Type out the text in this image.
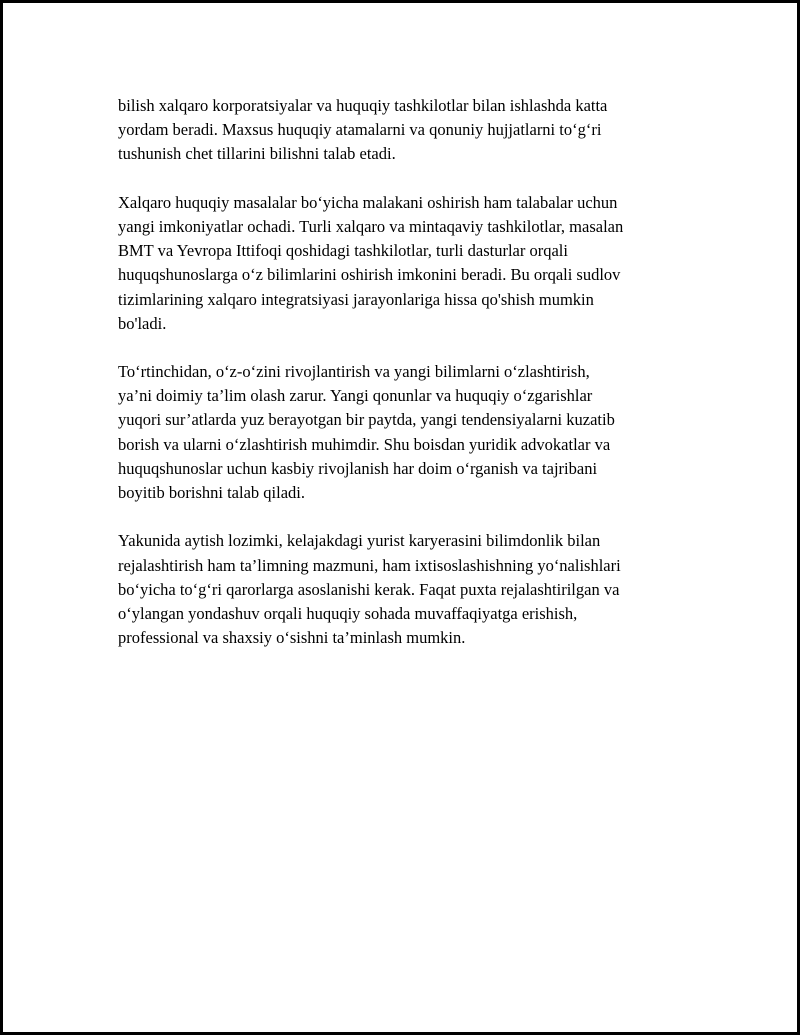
bilish xalqaro korporatsiyalar va huquqiy tashkilotlar bilan ishlashda katta
yordam beradi. Maxsus huquqiy atamalarni va qonuniy hujjatlarni to‘g‘ri
tushunish chet tillarini bilishni talab etadi.
Xalqaro huquqiy masalalar bo‘yicha malakani oshirish ham talabalar uchun
yangi imkoniyatlar ochadi. Turli xalqaro va mintaqaviy tashkilotlar, masalan
BMT va Yevropa Ittifoqi qoshidagi tashkilotlar, turli dasturlar orqali
huquqshunoslarga o‘z bilimlarini oshirish imkonini beradi. Bu orqali sudlov
tizimlarining xalqaro integratsiyasi jarayonlariga hissa qo'shish mumkin
bo'ladi.
To‘rtinchidan, o‘z-o‘zini rivojlantirish va yangi bilimlarni o‘zlashtirish,
ya’ni doimiy ta’lim olash zarur. Yangi qonunlar va huquqiy o‘zgarishlar
yuqori sur’atlarda yuz berayotgan bir paytda, yangi tendensiyalarni kuzatib
borish va ularni o‘zlashtirish muhimdir. Shu boisdan yuridik advokatlar va
huquqshunoslar uchun kasbiy rivojlanish har doim o‘rganish va tajribani
boyitib borishni talab qiladi.
Yakunida aytish lozimki, kelajakdagi yurist karyerasini bilimdonlik bilan
rejalashtirish ham ta’limning mazmuni, ham ixtisoslashishning yo‘nalishlari
bo‘yicha to‘g‘ri qarorlarga asoslanishi kerak. Faqat puxta rejalashtirilgan va
o‘ylangan yondashuv orqali huquqiy sohada muvaffaqiyatga erishish,
professional va shaxsiy o‘sishni ta’minlash mumkin.
